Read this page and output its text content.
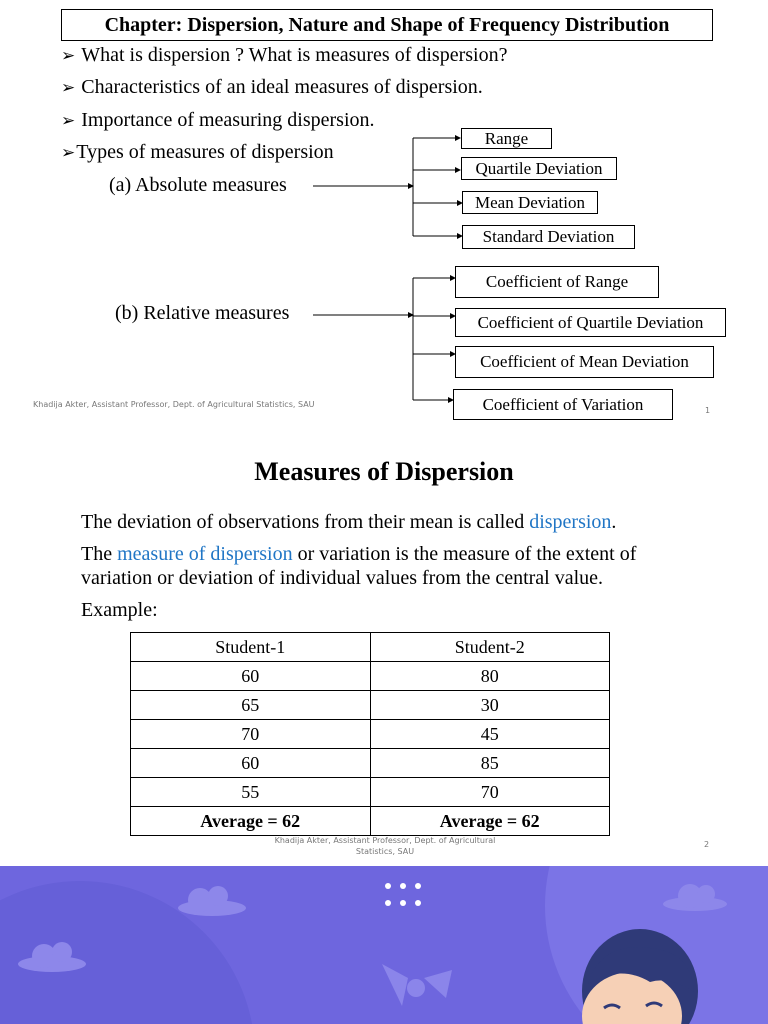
Chapter: Dispersion, Nature and Shape of Frequency Distribution
➢ What is dispersion ? What is measures of dispersion?
➢ Characteristics of an ideal measures of dispersion.
➢ Importance of measuring dispersion.
➢Types of measures of dispersion
(a) Absolute measures
(b) Relative measures
Range
Quartile Deviation
Mean Deviation
Standard Deviation
Coefficient of Range
Coefficient of Quartile Deviation
Coefficient of Mean Deviation
Coefficient of Variation
Khadija Akter, Assistant Professor, Dept. of Agricultural Statistics, SAU
1
Measures of Dispersion
The deviation of observations from their mean is called dispersion.
The measure of dispersion or variation is the measure of the extent of variation or deviation of individual values from the central value.
Example:
Student-1	Student-2
60	80
65	30
70	45
60	85
55	70
Average = 62	Average = 62
Khadija Akter, Assistant Professor, Dept. of Agricultural
Statistics, SAU
2
